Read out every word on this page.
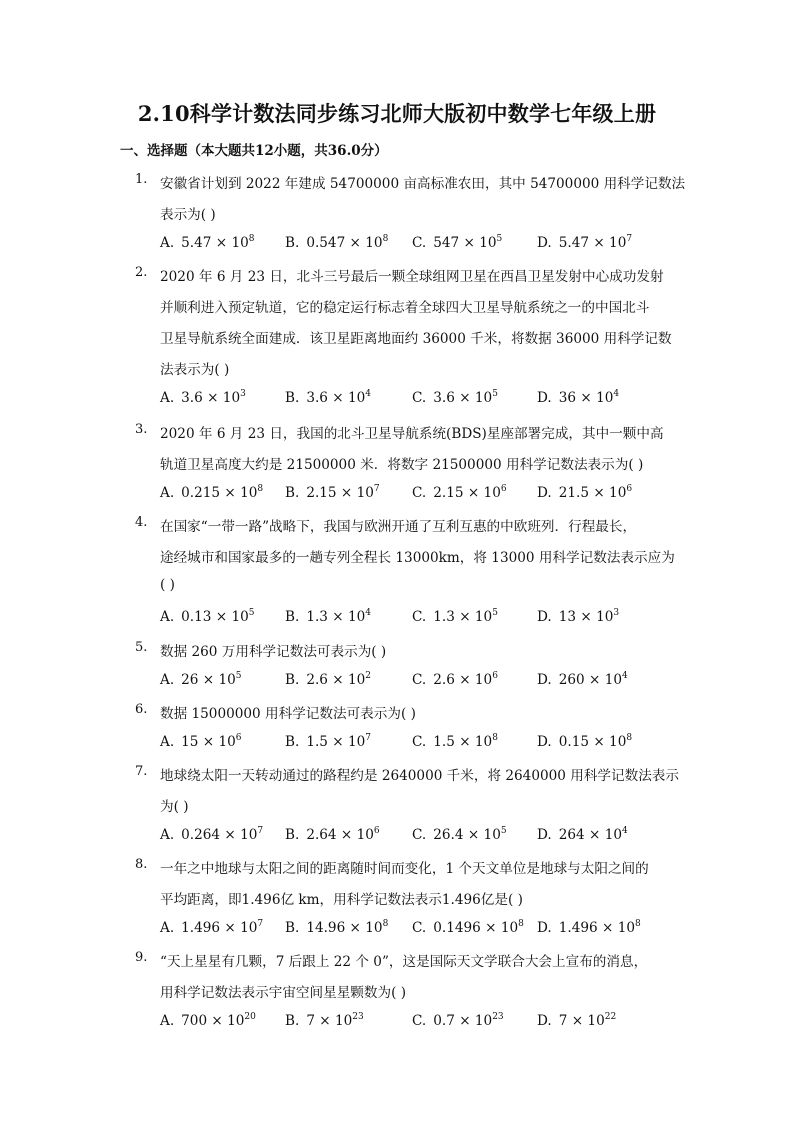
2.10科学计数法同步练习北师大版初中数学七年级上册
一、选择题（本大题共12小题，共36.0分）
1. 安徽省计划到 2022 年建成 54700000 亩高标准农田，其中 54700000 用科学记数法
表示为( )
A. $5.47 \times 10^8$ B. $0.547 \times 10^8$ C. $547 \times 10^5$	D. $5.47 \times 10^7$
2. 2020 年 6 月 23 日，北斗三号最后一颗全球组网卫星在西昌卫星发射中心成功发射
并顺利进入预定轨道，它的稳定运行标志着全球四大卫星导航系统之一的中国北斗
卫星导航系统全面建成．该卫星距离地面约 36000 千米，将数据 36000 用科学记数
法表示为( )
A. $3.6 \times 10^3$	B. $3.6 \times 10^4$	C. $3.6 \times 10^5$	D. $36 \times 10^4$
3. 2020 年 6 月 23 日，我国的北斗卫星导航系统(BDS)星座部署完成，其中一颗中高
轨道卫星高度大约是 21500000 米．将数字 21500000 用科学记数法表示为( )
A. $0.215 \times 10^8$ B. $2.15 \times 10^7$ C. $2.15 \times 10^6$ D. $21.5 \times 10^6$
4. 在国家“一带一路”战略下，我国与欧洲开通了互利互惠的中欧班列．行程最长，
途经城市和国家最多的一趟专列全程长 13000km，将 13000 用科学记数法表示应为
( )
A. $0.13 \times 10^5$ B. $1.3 \times 10^4$	C. $1.3 \times 10^5$	D. $13 \times 10^3$
5. 数据 260 万用科学记数法可表示为( )
A. $26 \times 10^5$	B. $2.6 \times 10^2$	C. $2.6 \times 10^6$	D. $260 \times 10^4$
6. 数据 15000000 用科学记数法可表示为( )
A. $15 \times 10^6$	B. $1.5 \times 10^7$	C. $1.5 \times 10^8$	D. $0.15 \times 10^8$
7. 地球绕太阳一天转动通过的路程约是 2640000 千米，将 2640000 用科学记数法表示
为( )
A. $0.264 \times 10^7$ B. $2.64 \times 10^6$ C. $26.4 \times 10^5$ D. $264 \times 10^4$
8. 一年之中地球与太阳之间的距离随时间而变化，1 个天文单位是地球与太阳之间的
平均距离，即1.496亿 km，用科学记数法表示1.496亿是( )
A. $1.496 \times 10^7$ B. $14.96 \times 10^8$ C. $0.1496 \times 10^8$ D. $1.496 \times 10^8$
9. “天上星星有几颗，7 后跟上 22 个 0”，这是国际天文学联合大会上宣布的消息，
用科学记数法表示宇宙空间星星颗数为( )
A. $700 \times 10^{20}$ B. $7 \times 10^{23}$	C. $0.7 \times 10^{23}$ D. $7 \times 10^{22}$
